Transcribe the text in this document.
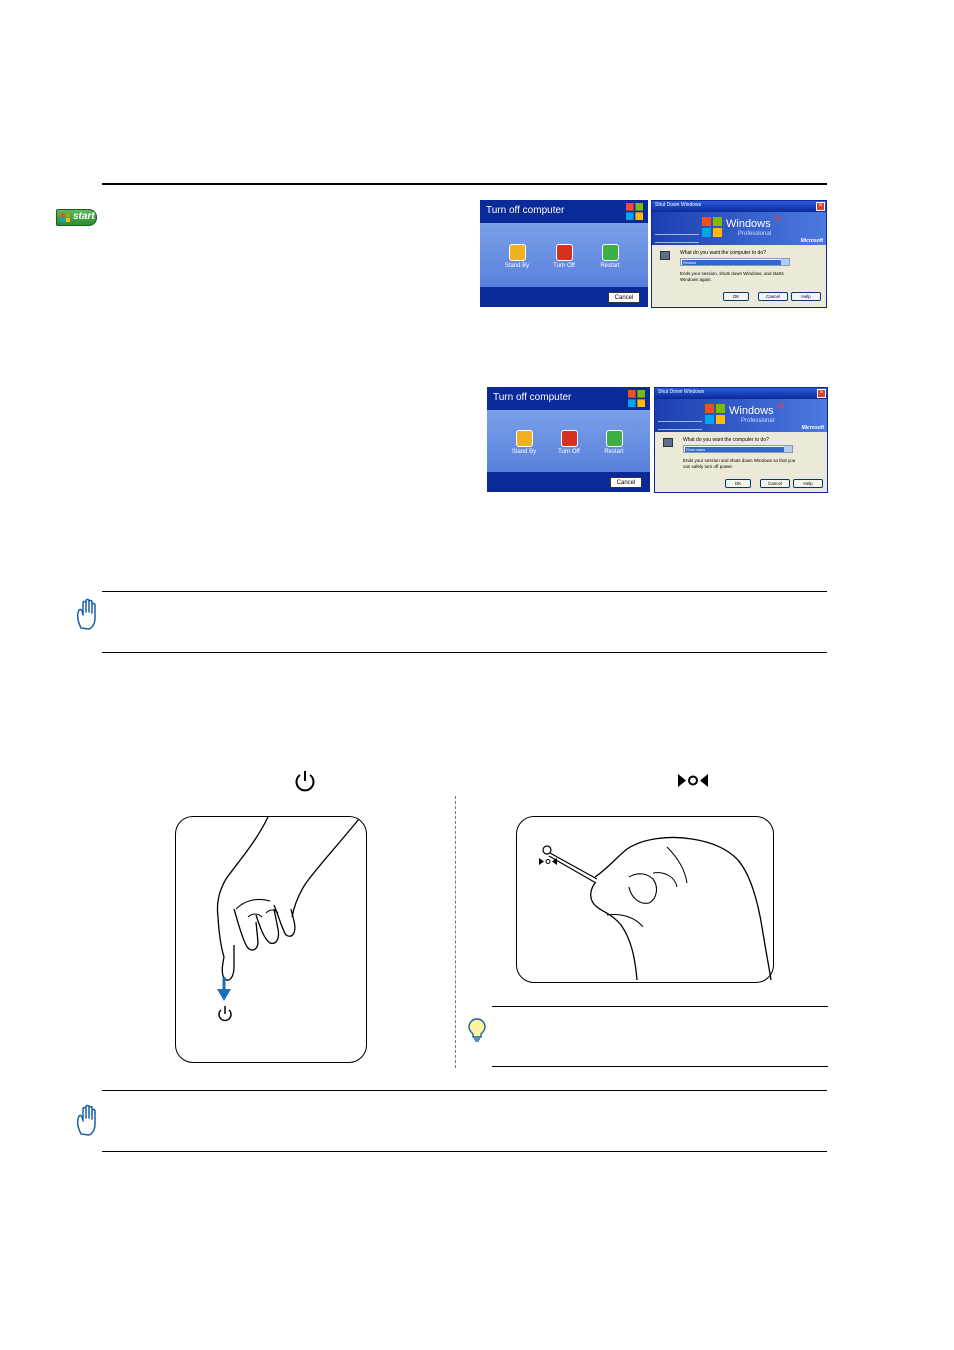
start
Turn off computer
Stand By	Turn Off	Restart
Cancel
Shut Down Windows	×
Windows xp
Professional
Microsoft
What do you want the computer to do?
Restart
Ends your session, shuts down Windows, and starts Windows again.
OK	Cancel	Help
Turn off computer
Stand By	Turn Off	Restart
Cancel
Shut Down Windows	×
Windows xp
Professional
Microsoft
What do you want the computer to do?
Shut down
Ends your session and shuts down Windows so that you can safely turn off power.
OK	Cancel	Help
